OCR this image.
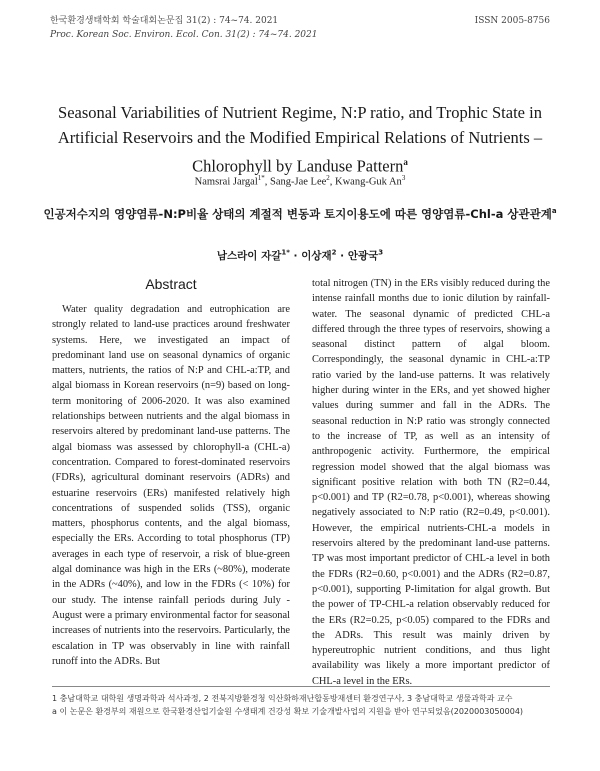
한국환경생태학회 학술대회논문집 31(2) : 74~74. 2021	ISSN 2005-8756
Proc. Korean Soc. Environ. Ecol. Con. 31(2) : 74~74. 2021
Seasonal Variabilities of Nutrient Regime, N:P ratio, and Trophic State in Artificial Reservoirs and the Modified Empirical Relations of Nutrients – Chlorophyll by Landuse Pattern$^a$
Namsrai Jargal$^{1*}$, Sang-Jae Lee$^2$, Kwang-Guk An$^3$
인공저수지의 영양염류-N:P비율 상태의 계절적 변동과 토지이용도에 따른 영양염류-Chl-a 상관관계$^a$
남스라이 자갈$^{1*}$ · 이상재$^2$ · 안광국$^3$
Abstract

Water quality degradation and eutrophication are strongly related to land-use practices around freshwater systems. Here, we investigated an impact of predominant land use on seasonal dynamics of organic matters, nutrients, the ratios of N:P and CHL-a:TP, and algal biomass in Korean reservoirs (n=9) based on long-term monitoring of 2006-2020. It was also examined relationships between nutrients and the algal biomass in reservoirs altered by predominant land-use patterns. The algal biomass was assessed by chlorophyll-a (CHL-a) concentration. Compared to forest-dominated reservoirs (FDRs), agricultural dominant reservoirs (ADRs) and estuarine reservoirs (ERs) manifested relatively high concentrations of suspended solids (TSS), organic matters, phosphorus contents, and the algal biomass, especially the ERs. According to total phosphorus (TP) averages in each type of reservoir, a risk of blue-green algal dominance was high in the ERs (~80%), moderate in the ADRs (~40%), and low in the FDRs (< 10%) for our study. The intense rainfall periods during July - August were a primary environmental factor for seasonal increases of nutrients into the reservoirs. Particularly, the escalation in TP was observably in line with rainfall runoff into the ADRs. But

total nitrogen (TN) in the ERs visibly reduced during the intense rainfall months due to ionic dilution by rainfall-water. The seasonal dynamic of predicted CHL-a differed through the three types of reservoirs, showing a seasonal distinct pattern of algal bloom. Correspondingly, the seasonal dynamic in CHL-a:TP ratio varied by the land-use patterns. It was relatively higher during winter in the ERs, and yet showed higher values during summer and fall in the ADRs. The seasonal reduction in N:P ratio was strongly connected to the increase of TP, as well as an intensity of anthropogenic activity. Furthermore, the empirical regression model showed that the algal biomass was significant positive relation with both TN (R2=0.44, p<0.001) and TP (R2=0.78, p<0.001), whereas showing negatively associated to N:P ratio (R2=0.49, p<0.001). However, the empirical nutrients-CHL-a models in reservoirs altered by the predominant land-use patterns. TP was most important predictor of CHL-a level in both the FDRs (R2=0.60, p<0.001) and the ADRs (R2=0.87, p<0.001), supporting P-limitation for algal growth. But the power of TP-CHL-a relation observably reduced for the ERs (R2=0.25, p<0.05) compared to the FDRs and the ADRs. This result was mainly driven by hypereutrophic nutrient conditions, and thus light availability was likely a more important predictor of CHL-a level in the ERs.

1 충남대학교 대학원 생명과학과 석사과정, 2 전북지방환경청 익산화하재난합동방재센터 환경연구사, 3 충남대학교 생물과학과 교수
a 이 논문은 환경부의 재원으로 한국환경산업기술원 수생태계 건강성 확보 기술개발사업의 지원을 받아 연구되었음(2020003050004)
